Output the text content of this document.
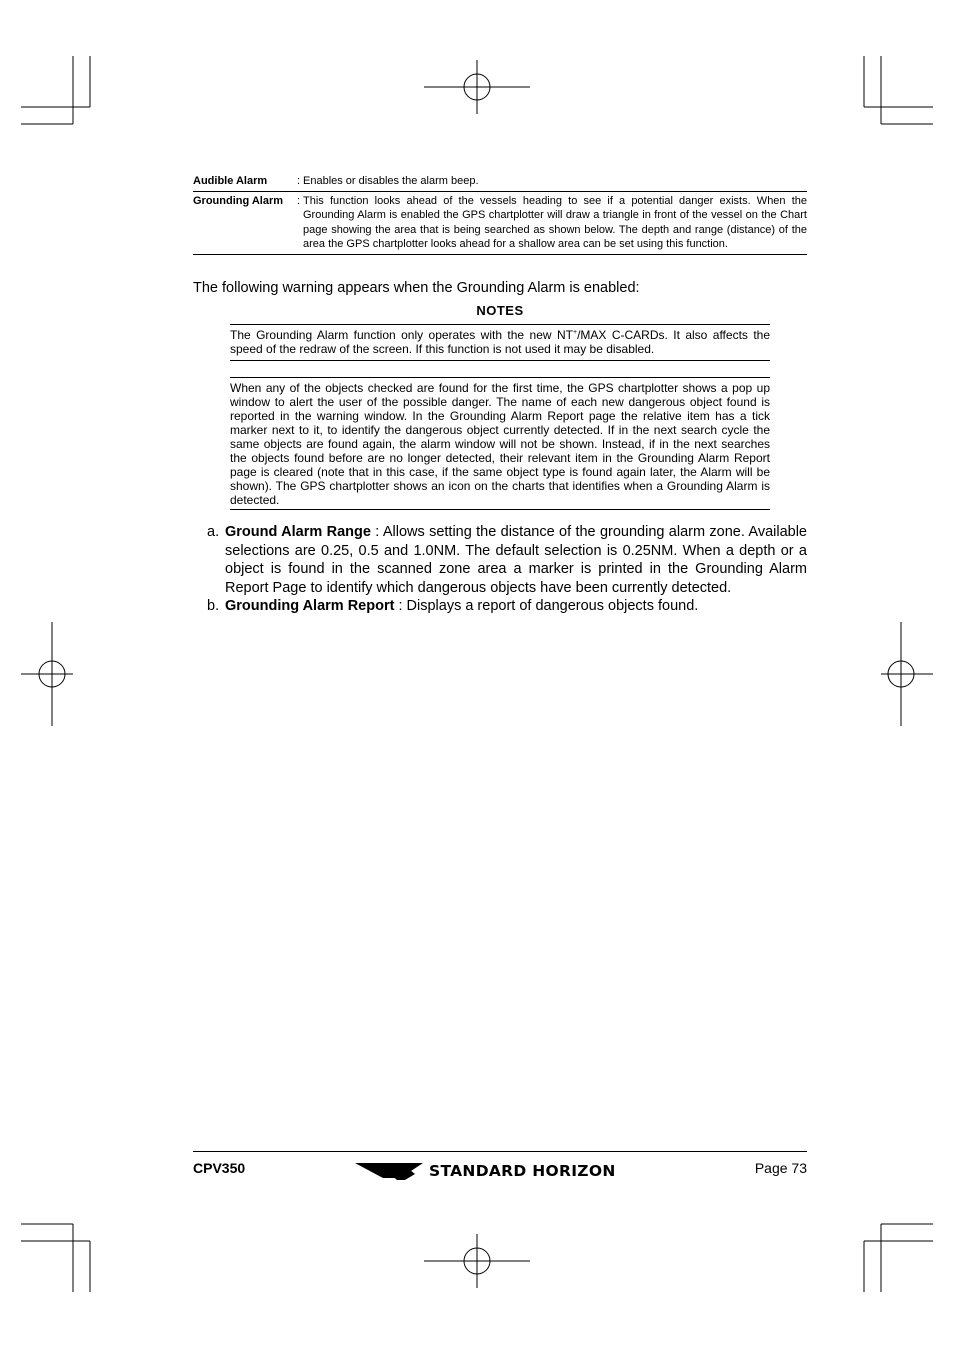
Audible Alarm	: Enables or disables the alarm beep.
Grounding Alarm	: This function looks ahead of the vessels heading to see if a potential danger exists. When the Grounding Alarm is enabled the GPS chartplotter will draw a triangle in front of the vessel on the Chart page showing the area that is being searched as shown below. The depth and range (distance) of the area the GPS chartplotter looks ahead for a shallow area can be set using this function.
The following warning appears when the Grounding Alarm is enabled:
NOTES
The Grounding Alarm function only operates with the new NT+/MAX C-CARDs. It also affects the speed of the redraw of the screen. If this function is not used it may be disabled.
When any of the objects checked are found for the first time, the GPS chartplotter shows a pop up window to alert the user of the possible danger. The name of each new dangerous object found is reported in the warning window. In the Grounding Alarm Report page the relative item has a tick marker next to it, to identify the dangerous object currently detected. If in the next search cycle the same objects are found again, the alarm window will not be shown. Instead, if in the next searches the objects found before are no longer detected, their relevant item in the Grounding Alarm Report page is cleared (note that in this case, if the same object type is found again later, the Alarm will be shown). The GPS chartplotter shows an icon on the charts that identifies when a Grounding Alarm is detected.
a. Ground Alarm Range : Allows setting the distance of the grounding alarm zone. Available selections are 0.25, 0.5 and 1.0NM. The default selection is 0.25NM. When a depth or a object is found in the scanned zone area a marker is printed in the Grounding Alarm Report Page to identify which dangerous objects have been currently detected.
b. Grounding Alarm Report : Displays a report of dangerous objects found.
CPV350	STANDARD HORIZON	Page 73
